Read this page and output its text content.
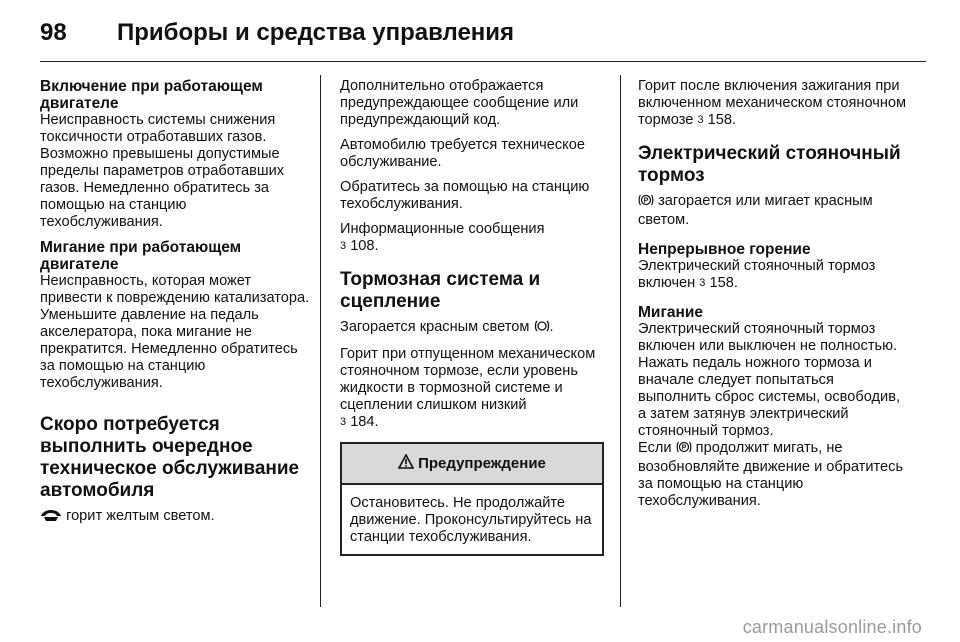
98	Приборы и средства управления
Включение при работающем двигателе

Неисправность системы снижения токсичности отработавших газов. Возможно превышены допустимые пределы параметров отработавших газов. Немедленно обратитесь за помощью на станцию техобслуживания.

Мигание при работающем двигателе

Неисправность, которая может привести к повреждению катализатора. Уменьшите давление на педаль акселератора, пока мигание не прекратится. Немедленно обратитесь за помощью на станцию техобслуживания.

Скоро потребуется выполнить очередное техническое обслуживание автомобиля

горит желтым светом.

Дополнительно отображается предупреждающее сообщение или предупреждающий код.

Автомобилю требуется техническое обслуживание.

Обратитесь за помощью на станцию техобслуживания.

Информационные сообщения
3 108.

Тормозная система и сцепление

Загорается красным светом .

Горит при отпущенном механическом стояночном тормозе, если уровень жидкости в тормозной системе и сцеплении слишком низкий
3 184.

Предупреждение
Остановитесь. Не продолжайте движение. Проконсультируйтесь на станции техобслуживания.

Горит после включения зажигания при включенном механическом стояночном тормозе 3 158.

Электрический стояночный тормоз

P загорается или мигает красным светом.

Непрерывное горение

Электрический стояночный тормоз включен 3 158.

Мигание

Электрический стояночный тормоз включен или выключен не полностью. Нажать педаль ножного тормоза и вначале следует попытаться выполнить сброс системы, освободив, а затем затянув электрический стояночный тормоз.

Если P продолжит мигать, не возобновляйте движение и обратитесь за помощью на станцию техобслуживания.

carmanualsonline.info
